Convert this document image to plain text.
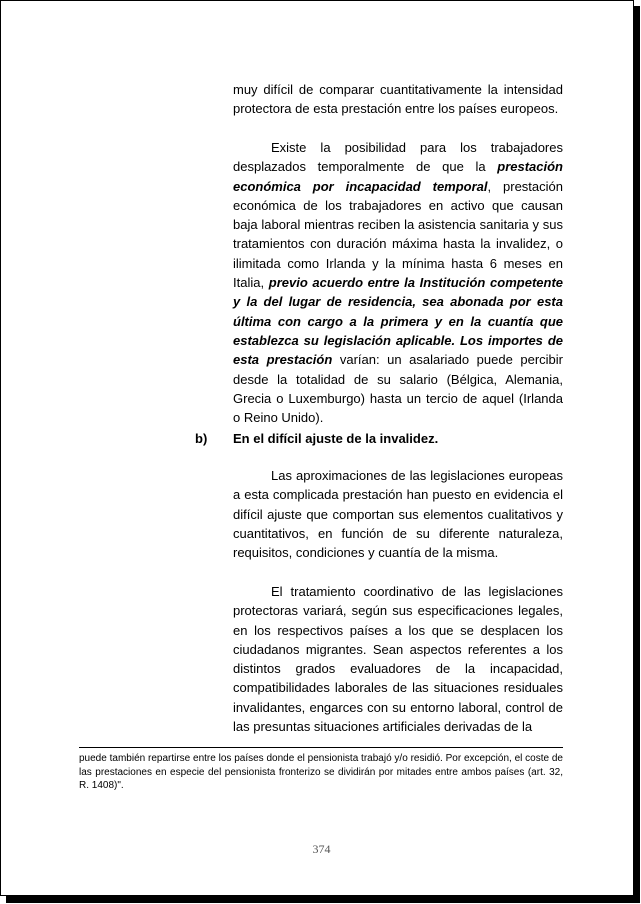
muy difícil de comparar cuantitativamente la intensidad protectora de esta prestación entre los países europeos.

Existe la posibilidad para los trabajadores desplazados temporalmente de que la prestación económica por incapacidad temporal, prestación económica de los trabajadores en activo que causan baja laboral mientras reciben la asistencia sanitaria y sus tratamientos con duración máxima hasta la invalidez, o ilimitada como Irlanda y la mínima hasta 6 meses en Italia, previo acuerdo entre la Institución competente y la del lugar de residencia, sea abonada por esta última con cargo a la primera y en la cuantía que establezca su legislación aplicable. Los importes de esta prestación varían: un asalariado puede percibir desde la totalidad de su salario (Bélgica, Alemania, Grecia o Luxemburgo) hasta un tercio de aquel (Irlanda o Reino Unido).

b) En el difícil ajuste de la invalidez.

Las aproximaciones de las legislaciones europeas a esta complicada prestación han puesto en evidencia el difícil ajuste que comportan sus elementos cualitativos y cuantitativos, en función de su diferente naturaleza, requisitos, condiciones y cuantía de la misma.

El tratamiento coordinativo de las legislaciones protectoras variará, según sus especificaciones legales, en los respectivos países a los que se desplacen los ciudadanos migrantes. Sean aspectos referentes a los distintos grados evaluadores de la incapacidad, compatibilidades laborales de las situaciones residuales invalidantes, engarces con su entorno laboral, control de las presuntas situaciones artificiales derivadas de la

puede también repartirse entre los países donde el pensionista trabajó y/o residió. Por excepción, el coste de las prestaciones en especie del pensionista fronterizo se dividirán por mitades entre ambos países (art. 32, R. 1408)".
374
